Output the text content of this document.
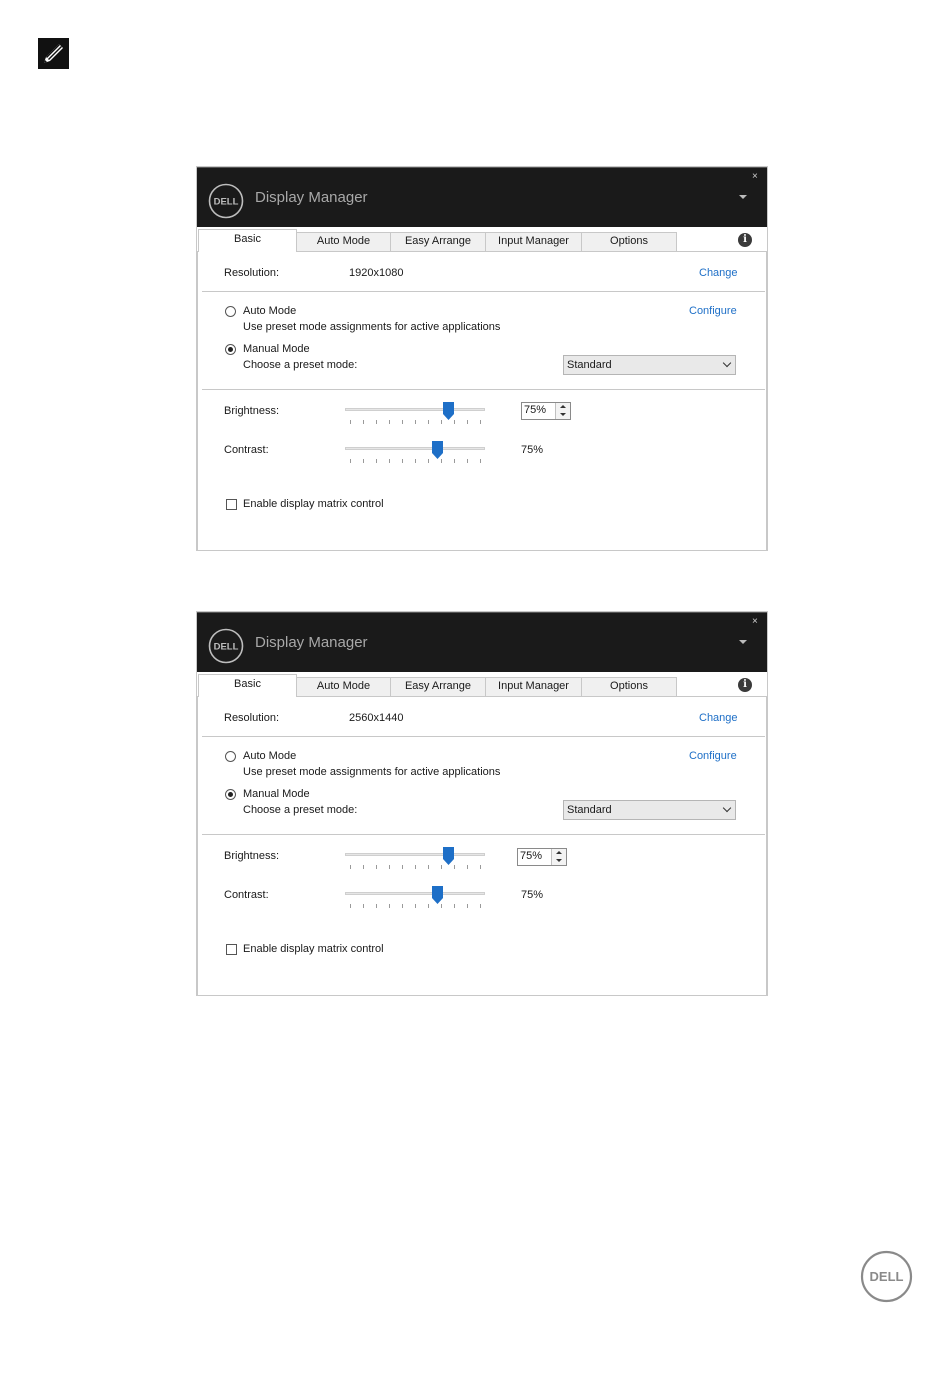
DELL Display Manager
×
Basic	Auto Mode	Easy Arrange	Input Manager	Options	i
Resolution:	1920x1080	Change
Auto Mode	Configure
Use preset mode assignments for active applications
Manual Mode
Choose a preset mode:	Standard
Brightness:	75%
Contrast:	75%
Enable display matrix control
DELL Display Manager
×
Basic	Auto Mode	Easy Arrange	Input Manager	Options	i
Resolution:	2560x1440	Change
Auto Mode	Configure
Use preset mode assignments for active applications
Manual Mode
Choose a preset mode:	Standard
Brightness:	75%
Contrast:	75%
Enable display matrix control
DELL
